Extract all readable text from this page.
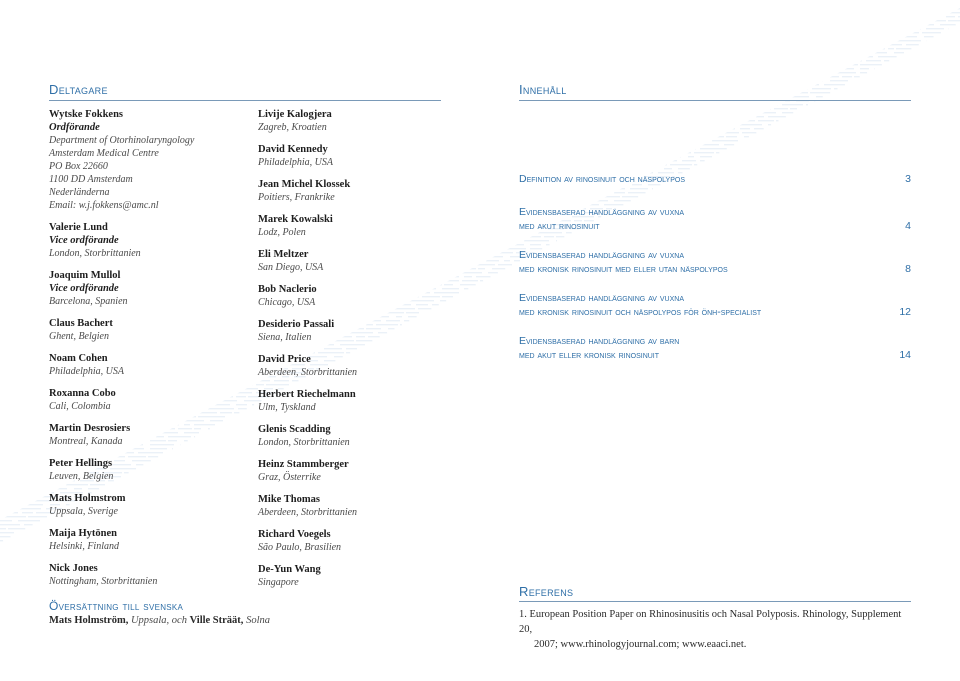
Deltagare
Wytske Fokkens
Ordförande
Department of Otorhinolaryngology
Amsterdam Medical Centre
PO Box 22660
1100 DD Amsterdam
Nederländerna
Email: w.j.fokkens@amc.nl
Valerie Lund
Vice ordförande
London, Storbrittanien
Joaquim Mullol
Vice ordförande
Barcelona, Spanien
Claus Bachert
Ghent, Belgien
Noam Cohen
Philadelphia, USA
Roxanna Cobo
Cali, Colombia
Martin Desrosiers
Montreal, Kanada
Peter Hellings
Leuven, Belgien
Mats Holmstrom
Uppsala, Sverige
Maija Hytönen
Helsinki, Finland
Nick Jones
Nottingham, Storbrittanien
Livije Kalogjera
Zagreb, Kroatien
David Kennedy
Philadelphia, USA
Jean Michel Klossek
Poitiers, Frankrike
Marek Kowalski
Lodz, Polen
Eli Meltzer
San Diego, USA
Bob Naclerio
Chicago, USA
Desiderio Passali
Siena, Italien
David Price
Aberdeen, Storbrittanien
Herbert Riechelmann
Ulm, Tyskland
Glenis Scadding
London, Storbrittanien
Heinz Stammberger
Graz, Österrike
Mike Thomas
Aberdeen, Storbrittanien
Richard Voegels
São Paulo, Brasilien
De-Yun Wang
Singapore
Översättning till svenska
Mats Holmström, Uppsala, och Ville Sträät, Solna
Innehåll
Definition av rinosinuit och näspolypos	3
Evidensbaserad handläggning av vuxna
med akut rinosinuit	4
Evidensbaserad handläggning av vuxna
med kronisk rinosinuit med eller utan näspolypos	8
Evidensbaserad handläggning av vuxna
med kronisk rinosinuit och näspolypos för önh-specialist	12
Evidensbaserad handläggning av barn
med akut eller kronisk rinosinuit	14
Referens
1. European Position Paper on Rhinosinusitis och Nasal Polyposis. Rhinology, Supplement 20,
2007; www.rhinologyjournal.com; www.eaaci.net.
